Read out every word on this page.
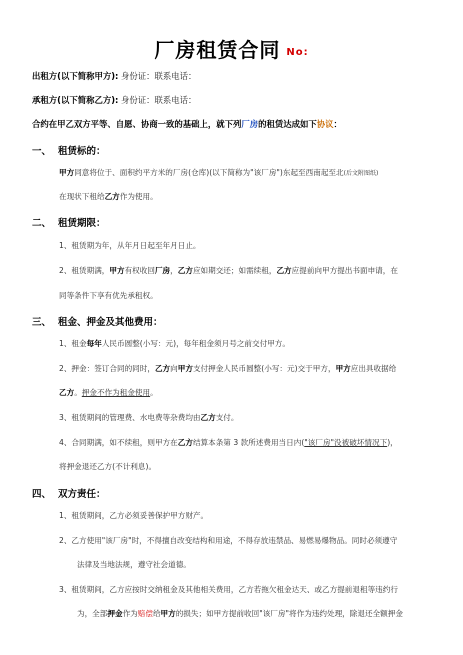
厂房租赁合同 No:
出租方(以下简称甲方): 身份证：联系电话：
承租方(以下简称乙方): 身份证：联系电话：
合约在甲乙双方平等、自愿、协商一致的基础上，就下列厂房的租赁达成如下协议：
一、 租赁标的：
甲方同意将位于、面积约平方米的厂房(仓库)(以下简称为"该厂房")东起至西南起至北(后文附图纸)
在现状下租给乙方作为使用。
二、 租赁期限：
1、租赁期为年，从年月日起至年月日止。
2、租赁期满，甲方有权收回厂房，乙方应如期交还；如需续租，乙方应提前向甲方提出书面申请，在
同等条件下享有优先承租权。
三、 租金、押金及其他费用：
1、租金每年人民币圆整(小写：元)，每年租金须月号之前交付甲方。
2、押金：签订合同的同时，乙方向甲方支付押金人民币圆整(小写：元)交于甲方，甲方应出具收据给
乙方。押金不作为租金使用。
3、租赁期间的管理费、水电费等杂费均由乙方支付。
4、合同期满，如不续租，则甲方在乙方结算本条第 3 款所述费用当日内("该厂房"没被破坏情况下)，
将押金退还乙方(不计利息)。
四、 双方责任：
1、租赁期间，乙方必须妥善保护甲方财产。
2、乙方使用"该厂房"时，不得擅自改变结构和用途，不得存放违禁品、易燃易爆物品。同时必须遵守
法律及当地法规，遵守社会道德。
3、租赁期间，乙方应按时交纳租金及其他相关费用，乙方若拖欠租金达天、或乙方提前退租等违约行
为，全部押金作为赔偿给甲方的损失；如甲方提前收回"该厂房"将作为违约处理，除退还全额押金
